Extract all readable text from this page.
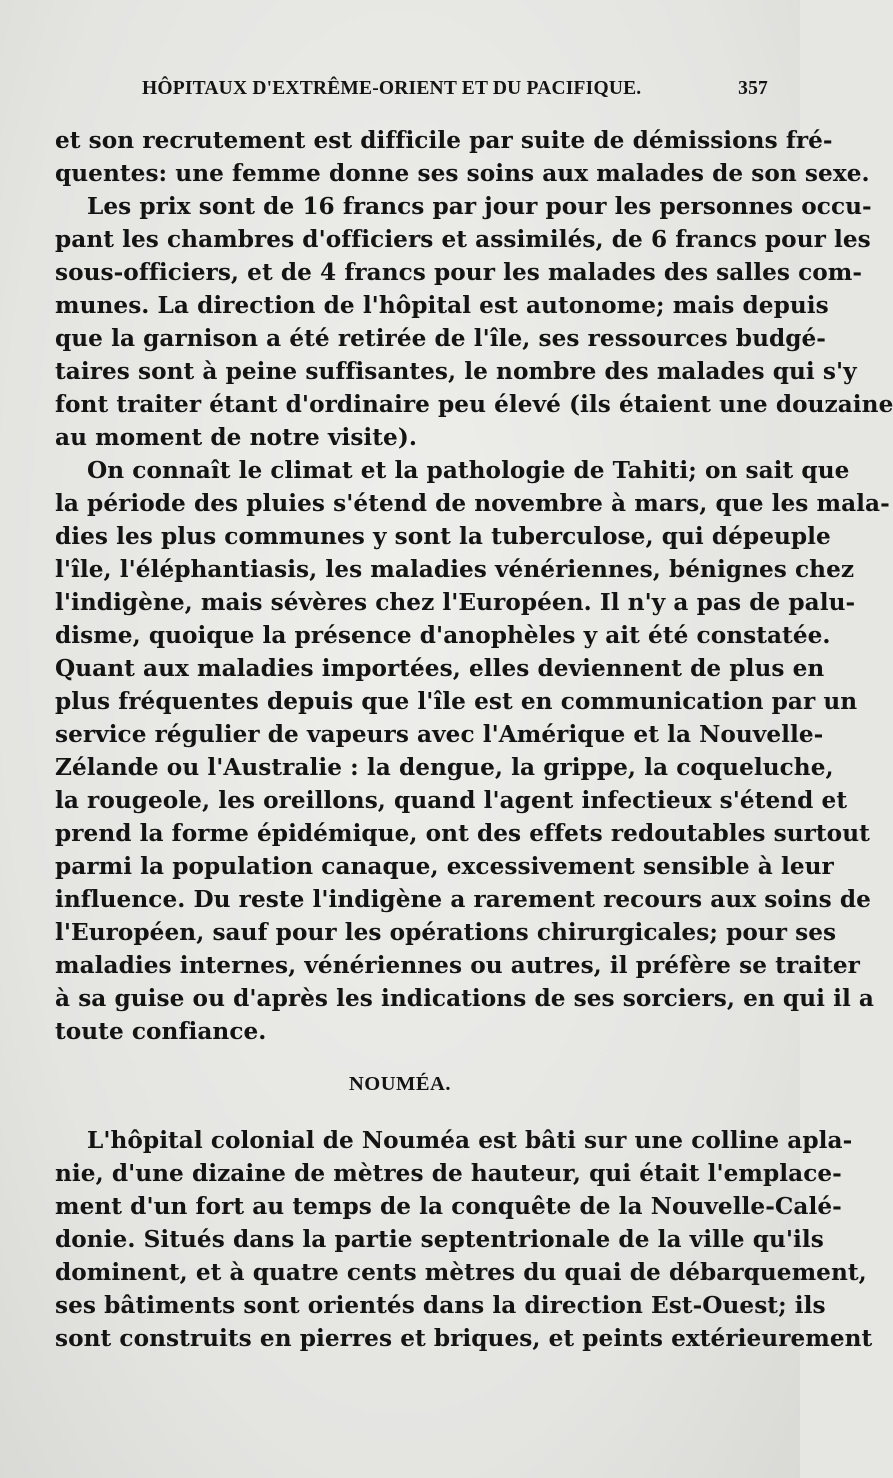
HÔPITAUX D'EXTRÊME-ORIENT ET DU PACIFIQUE.	357
et son recrutement est difficile par suite de démissions fré-
quentes: une femme donne ses soins aux malades de son sexe.
Les prix sont de 16 francs par jour pour les personnes occu-
pant les chambres d'officiers et assimilés, de 6 francs pour les
sous-officiers, et de 4 francs pour les malades des salles com-
munes. La direction de l'hôpital est autonome; mais depuis
que la garnison a été retirée de l'île, ses ressources budgé-
taires sont à peine suffisantes, le nombre des malades qui s'y
font traiter étant d'ordinaire peu élevé (ils étaient une douzaine
au moment de notre visite).
On connaît le climat et la pathologie de Tahiti; on sait que
la période des pluies s'étend de novembre à mars, que les mala-
dies les plus communes y sont la tuberculose, qui dépeuple
l'île, l'éléphantiasis, les maladies vénériennes, bénignes chez
l'indigène, mais sévères chez l'Européen. Il n'y a pas de palu-
disme, quoique la présence d'anophèles y ait été constatée.
Quant aux maladies importées, elles deviennent de plus en
plus fréquentes depuis que l'île est en communication par un
service régulier de vapeurs avec l'Amérique et la Nouvelle-
Zélande ou l'Australie : la dengue, la grippe, la coqueluche,
la rougeole, les oreillons, quand l'agent infectieux s'étend et
prend la forme épidémique, ont des effets redoutables surtout
parmi la population canaque, excessivement sensible à leur
influence. Du reste l'indigène a rarement recours aux soins de
l'Européen, sauf pour les opérations chirurgicales; pour ses
maladies internes, vénériennes ou autres, il préfère se traiter
à sa guise ou d'après les indications de ses sorciers, en qui il a
toute confiance.
NOUMÉA.
L'hôpital colonial de Nouméa est bâti sur une colline apla-
nie, d'une dizaine de mètres de hauteur, qui était l'emplace-
ment d'un fort au temps de la conquête de la Nouvelle-Calé-
donie. Situés dans la partie septentrionale de la ville qu'ils
dominent, et à quatre cents mètres du quai de débarquement,
ses bâtiments sont orientés dans la direction Est-Ouest; ils
sont construits en pierres et briques, et peints extérieurement
